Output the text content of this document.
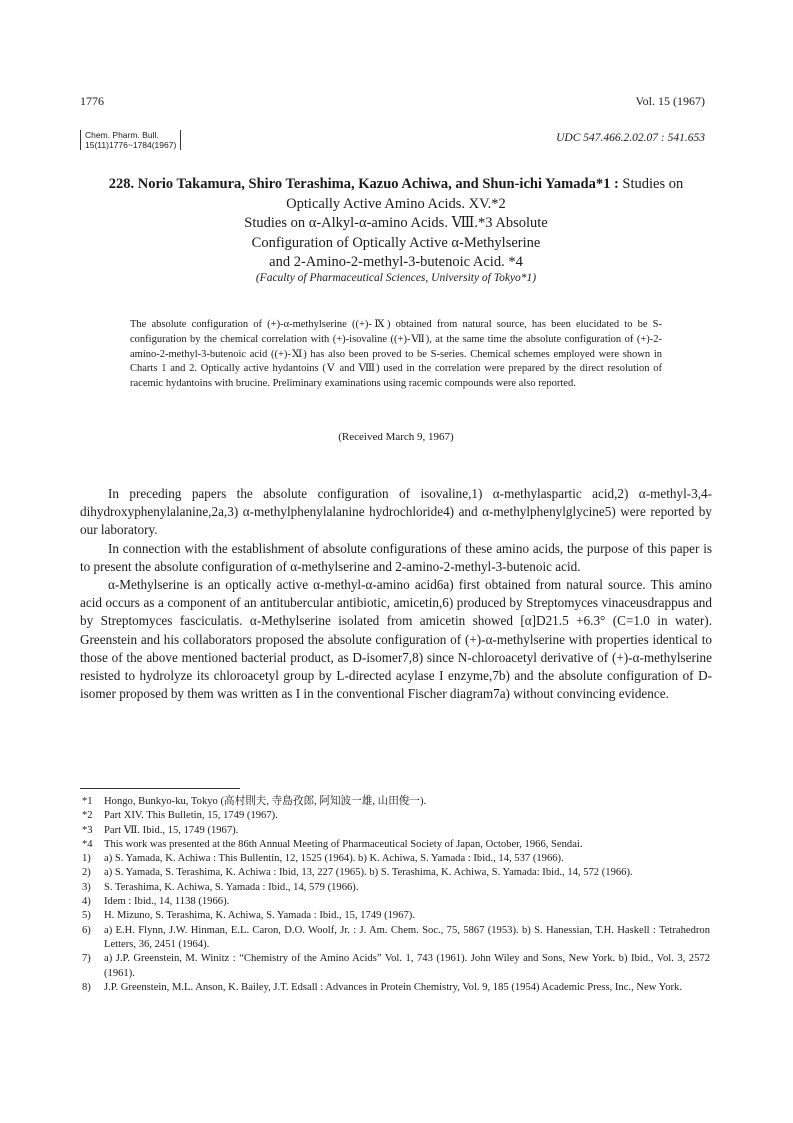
1776	Vol. 15 (1967)
Chem. Pharm. Bull.
15(11)1776~1784(1967)
UDC 547.466.2.02.07 : 541.653
228. Norio Takamura, Shiro Terashima, Kazuo Achiwa, and Shun-ichi Yamada*1 : Studies on Optically Active Amino Acids. XV.*2
Studies on α-Alkyl-α-amino Acids. Ⅷ.*3 Absolute
Configuration of Optically Active α-Methylserine
and 2-Amino-2-methyl-3-butenoic Acid. *4
(Faculty of Pharmaceutical Sciences, University of Tokyo*1)
The absolute configuration of (+)-α-methylserine ((+)-Ⅸ) obtained from natural source, has been elucidated to be S-configuration by the chemical correlation with (+)-isovaline ((+)-Ⅶ), at the same time the absolute configuration of (+)-2-amino-2-methyl-3-butenoic acid ((+)-Ⅺ) has also been proved to be S-series. Chemical schemes employed were shown in Charts 1 and 2. Optically active hydantoins (Ⅴ and Ⅷ) used in the correlation were prepared by the direct resolution of racemic hydantoins with brucine. Preliminary examinations using racemic compounds were also reported.
(Received March 9, 1967)

In preceding papers the absolute configuration of isovaline,1) α-methylaspartic acid,2) α-methyl-3,4-dihydroxyphenylalanine,2a,3) α-methylphenylalanine hydrochloride4) and α-methylphenylglycine5) were reported by our laboratory.

In connection with the establishment of absolute configurations of these amino acids, the purpose of this paper is to present the absolute configuration of α-methylserine and 2-amino-2-methyl-3-butenoic acid.

α-Methylserine is an optically active α-methyl-α-amino acid6a) first obtained from natural source. This amino acid occurs as a component of an antitubercular antibiotic, amicetin,6) produced by Streptomyces vinaceusdrappus and by Streptomyces fasciculatis. α-Methylserine isolated from amicetin showed [α]D21.5 +6.3° (C=1.0 in water). Greenstein and his collaborators proposed the absolute configuration of (+)-α-methylserine with properties identical to those of the above mentioned bacterial product, as D-isomer7,8) since N-chloroacetyl derivative of (+)-α-methylserine resisted to hydrolyze its chloroacetyl group by L-directed acylase I enzyme,7b) and the absolute configuration of D-isomer proposed by them was written as I in the conventional Fischer diagram7a) without convincing evidence.

*1 Hongo, Bunkyo-ku, Tokyo (高村則夫, 寺島孜郎, 阿知波一雄, 山田俊一).
*2 Part XIV. This Bulletin, 15, 1749 (1967).
*3 Part Ⅶ. Ibid., 15, 1749 (1967).
*4 This work was presented at the 86th Annual Meeting of Pharmaceutical Society of Japan, October, 1966, Sendai.
1) a) S. Yamada, K. Achiwa : This Bullentin, 12, 1525 (1964). b) K. Achiwa, S. Yamada : Ibid., 14, 537 (1966).
2) a) S. Yamada, S. Terashima, K. Achiwa : Ibid, 13, 227 (1965). b) S. Terashima, K. Achiwa, S. Yamada: Ibid., 14, 572 (1966).
3) S. Terashima, K. Achiwa, S. Yamada : Ibid., 14, 579 (1966).
4) Idem : Ibid., 14, 1138 (1966).
5) H. Mizuno, S. Terashima, K. Achiwa, S. Yamada : Ibid., 15, 1749 (1967).
6) a) E.H. Flynn, J.W. Hinman, E.L. Caron, D.O. Woolf, Jr. : J. Am. Chem. Soc., 75, 5867 (1953). b) S. Hanessian, T.H. Haskell : Tetrahedron Letters, 36, 2451 (1964).
7) a) J.P. Greenstein, M. Winitz : “Chemistry of the Amino Acids” Vol. 1, 743 (1961). John Wiley and Sons, New York. b) Ibid., Vol. 3, 2572 (1961).
8) J.P. Greenstein, M.L. Anson, K. Bailey, J.T. Edsall : Advances in Protein Chemistry, Vol. 9, 185 (1954) Academic Press, Inc., New York.
